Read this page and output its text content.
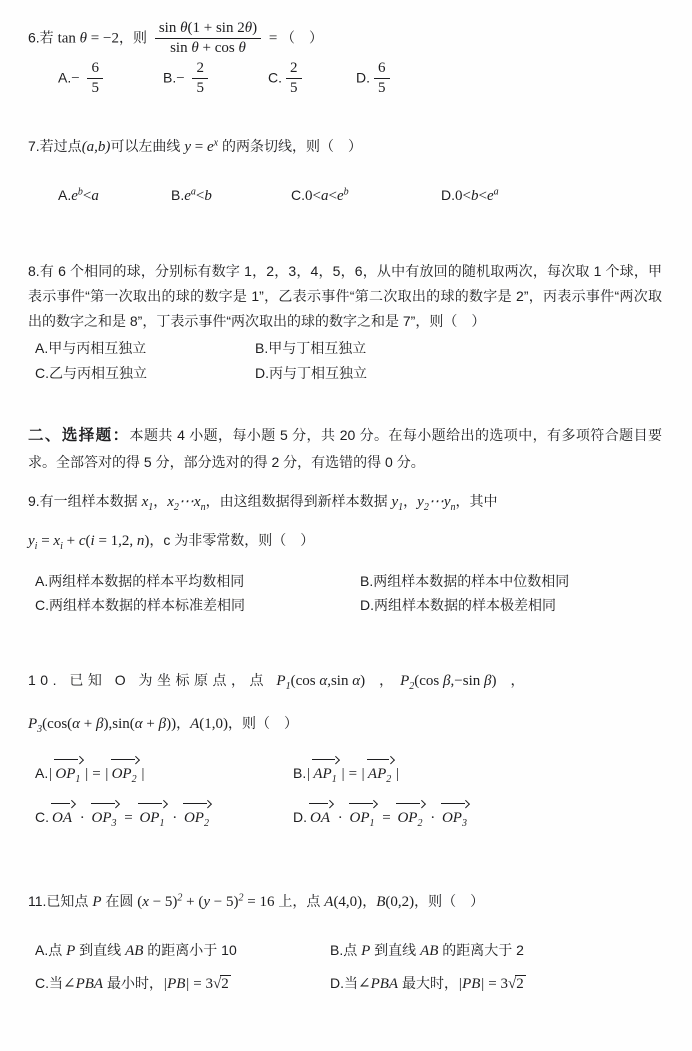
6.若 tan θ = −2，则 $\frac{\text{sin θ(1 + sin 2θ)}}{\text{sin θ + cos θ}}$ = （　）
$A.- \frac{6}{5}$	$B.- \frac{2}{5}$	C. $\frac{2}{5}$	D. $\frac{6}{5}$
7.若过点(a,b)可以左曲线 $y = e^x$ 的两条切线，则（　）
$A.e^b<a$	$B.e^a<b$	$C.0<a<e^b$	$D.0<b<e^a$

8.有 6 个相同的球，分别标有数字 1，2，3，4，5，6，从中有放回的随机取两次，每次取 1 个球，甲表示事件“第一次取出的球的数字是 1”，乙表示事件“第二次取出的球的数字是 2”，丙表示事件“两次取出的数字之和是 8”，丁表示事件“两次取出的球的数字之和是 7”，则（　）

A.甲与丙相互独立	B.甲与丁相互独立
C.乙与丙相互独立	D.丙与丁相互独立

二、选择题：本题共 4 小题，每小题 5 分，共 20 分。在每小题给出的选项中，有多项符合题目要求。全部答对的得 5 分，部分选对的得 2 分，有选错的得 0 分。

9.有一组样本数据 $x_1$，$x_2\cdots x_n$，由这组数据得到新样本数据 $y_1$，$y_2\cdots y_n$，其中
$y_i = x_i + c(i = 1,2$, n)，c 为非零常数，则（　）
A.两组样本数据的样本平均数相同	B.两组样本数据的样本中位数相同
C.两组样本数据的样本标准差相同	D.两组样本数据的样本极差相同
10. 已知 O 为坐标原点，点 $P_1(\cos$ α,sin α)　，　$P_2(\cos$ β,−sin β)　，
$P_3(\cos(\alpha + \beta),\sin(\alpha + \beta))$，A(1,0)，则（　）
A.| $OP_1$ | = | $OP_2$ |	B.| $AP_1$ | = | $AP_2$ |
C. OA · $OP_3 = OP_1 \cdot OP_2$	D. OA · $OP_1 = OP_2 \cdot OP_3$
11.已知点 P 在圆 $(x - 5)^2 + (y - 5)^2 = 16$ 上，点 A(4,0)，B(0,2)，则（　）
A.点 P 到直线 AB 的距离小于 10	B.点 P 到直线 AB 的距离大于 2
C.当∠PBA 最小时，|PB| = 3√2	D.当∠PBA 最大时，|PB| = 3√2
